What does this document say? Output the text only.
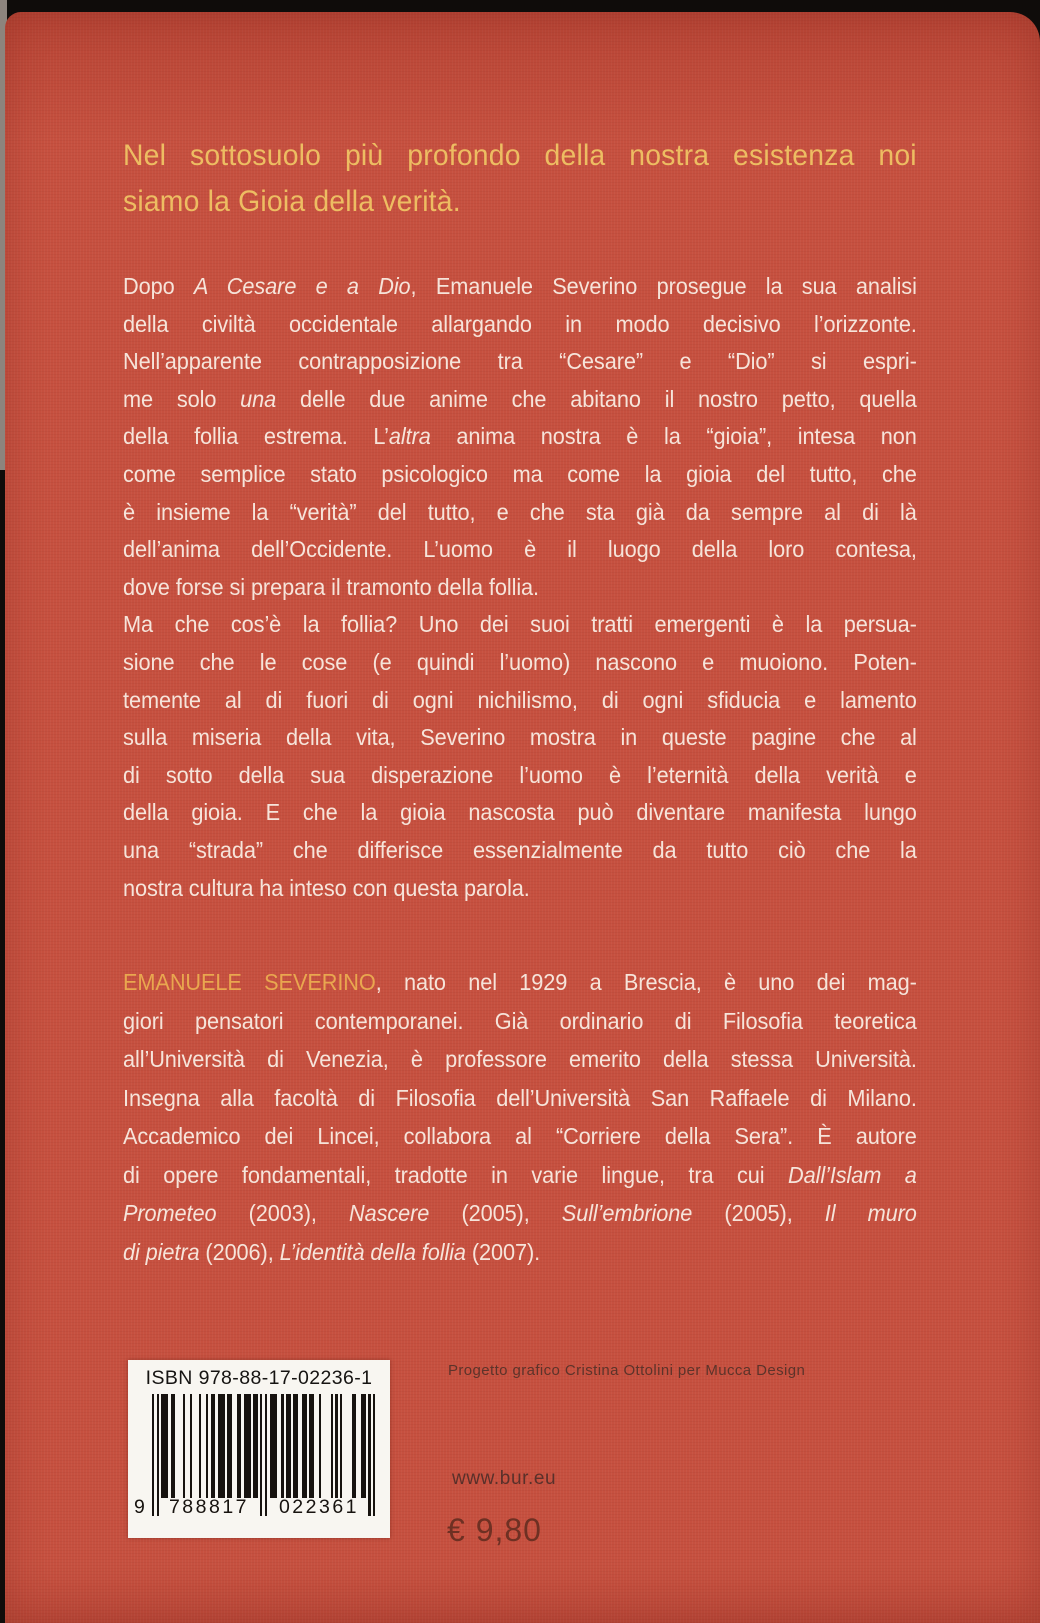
Nel sottosuolo più profondo della nostra esistenza noi
siamo la Gioia della verità.
Dopo A Cesare e a Dio, Emanuele Severino prosegue la sua analisi
della civiltà occidentale allargando in modo decisivo l’orizzonte.
Nell’apparente contrapposizione tra “Cesare” e “Dio” si espri-
me solo una delle due anime che abitano il nostro petto, quella
della follia estrema. L’altra anima nostra è la “gioia”, intesa non
come semplice stato psicologico ma come la gioia del tutto, che
è insieme la “verità” del tutto, e che sta già da sempre al di là
dell’anima dell’Occidente. L’uomo è il luogo della loro contesa,
dove forse si prepara il tramonto della follia.
Ma che cos’è la follia? Uno dei suoi tratti emergenti è la persua-
sione che le cose (e quindi l’uomo) nascono e muoiono. Poten-
temente al di fuori di ogni nichilismo, di ogni sfiducia e lamento
sulla miseria della vita, Severino mostra in queste pagine che al
di sotto della sua disperazione l’uomo è l’eternità della verità e
della gioia. E che la gioia nascosta può diventare manifesta lungo
una “strada” che differisce essenzialmente da tutto ciò che la
nostra cultura ha inteso con questa parola.
EMANUELE SEVERINO, nato nel 1929 a Brescia, è uno dei mag-
giori pensatori contemporanei. Già ordinario di Filosofia teoretica
all’Università di Venezia, è professore emerito della stessa Università.
Insegna alla facoltà di Filosofia dell’Università San Raffaele di Milano.
Accademico dei Lincei, collabora al “Corriere della Sera”. È autore
di opere fondamentali, tradotte in varie lingue, tra cui Dall’Islam a
Prometeo (2003), Nascere (2005), Sull’embrione (2005), Il muro
di pietra (2006), L’identità della follia (2007).
ISBN 978-88-17-02236-1
9	788817	022361
Progetto grafico Cristina Ottolini per Mucca Design
www.bur.eu
€ 9,80
